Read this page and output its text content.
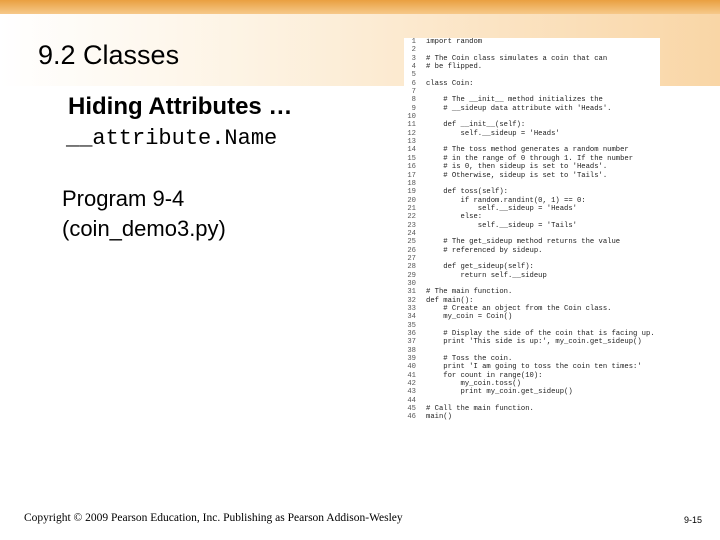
9.2 Classes
Hiding Attributes …
__attribute.Name
Program 9-4
(coin_demo3.py)
1 import random
2
3 # The Coin class simulates a coin that can
4 # be flipped.
5
6 class Coin:
7
8 # The __init__ method initializes the
9 # __sideup data attribute with 'Heads'.
10
11 def __init__(self):
12 self.__sideup = 'Heads'
13
14 # The toss method generates a random number
15 # in the range of 0 through 1. If the number
16 # is 0, then sideup is set to 'Heads'.
17 # Otherwise, sideup is set to 'Tails'.
18
19 def toss(self):
20 if random.randint(0, 1) == 0:
21 self.__sideup = 'Heads'
22 else:
23 self.__sideup = 'Tails'
24
25 # The get_sideup method returns the value
26 # referenced by sideup.
27
28 def get_sideup(self):
29 return self.__sideup
30
31 # The main function.
32 def main():
33 # Create an object from the Coin class.
34 my_coin = Coin()
35
36 # Display the side of the coin that is facing up.
37 print 'This side is up:', my_coin.get_sideup()
38
39 # Toss the coin.
40 print 'I am going to toss the coin ten times:'
41 for count in range(10):
42 my_coin.toss()
43 print my_coin.get_sideup()
44
45 # Call the main function.
46 main()
Copyright © 2009 Pearson Education, Inc. Publishing as Pearson Addison-Wesley	9-15
